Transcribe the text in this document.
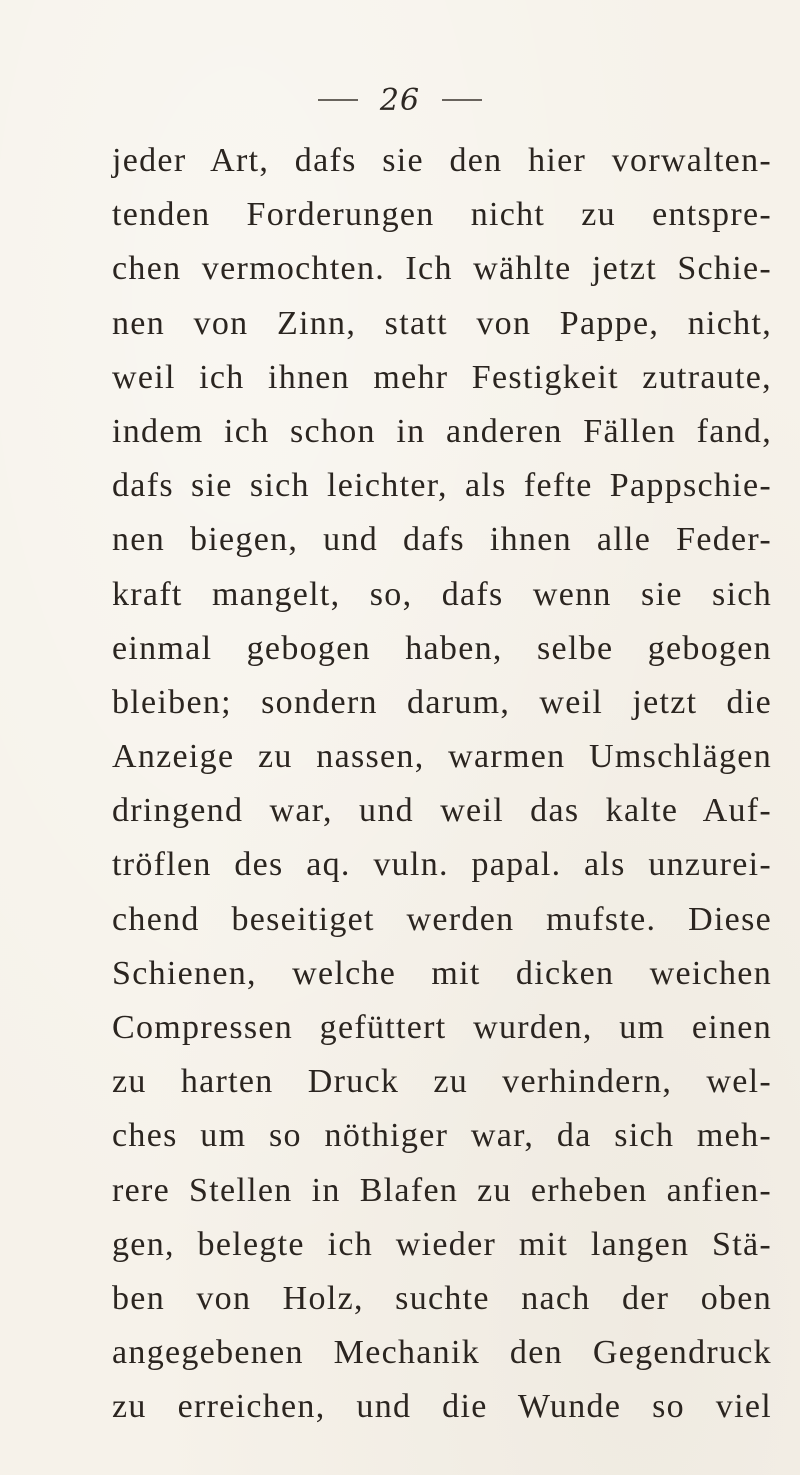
26
jeder Art, dafs sie den hier vorwalten-
tenden Forderungen nicht zu entspre-
chen vermochten. Ich wählte jetzt Schie-
nen von Zinn, statt von Pappe, nicht,
weil ich ihnen mehr Festigkeit zutraute,
indem ich schon in anderen Fällen fand,
dafs sie sich leichter, als fefte Pappschie-
nen biegen, und dafs ihnen alle Feder-
kraft mangelt, so, dafs wenn sie sich
einmal gebogen haben, selbe gebogen
bleiben; sondern darum, weil jetzt die
Anzeige zu nassen, warmen Umschlägen
dringend war, und weil das kalte Auf-
tröflen des aq. vuln. papal. als unzurei-
chend beseitiget werden mufste. Diese
Schienen, welche mit dicken weichen
Compressen gefüttert wurden, um einen
zu harten Druck zu verhindern, wel-
ches um so nöthiger war, da sich meh-
rere Stellen in Blafen zu erheben anfien-
gen, belegte ich wieder mit langen Stä-
ben von Holz, suchte nach der oben
angegebenen Mechanik den Gegendruck
zu erreichen, und die Wunde so viel
